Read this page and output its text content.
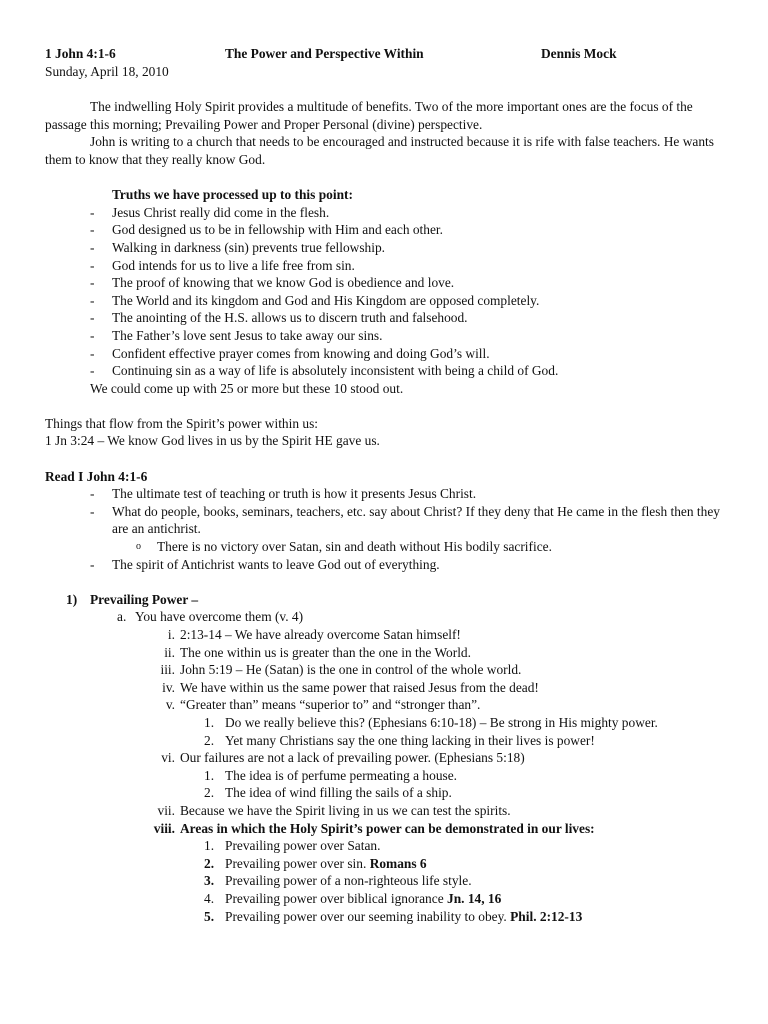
1 John 4:1-6	The Power and Perspective Within	Dennis Mock
Sunday, April 18, 2010
The indwelling Holy Spirit provides a multitude of benefits. Two of the more important ones are the focus of the passage this morning; Prevailing Power and Proper Personal (divine) perspective.
John is writing to a church that needs to be encouraged and instructed because it is rife with false teachers. He wants them to know that they really know God.
Truths we have processed up to this point:
- Jesus Christ really did come in the flesh.
- God designed us to be in fellowship with Him and each other.
- Walking in darkness (sin) prevents true fellowship.
- God intends for us to live a life free from sin.
- The proof of knowing that we know God is obedience and love.
- The World and its kingdom and God and His Kingdom are opposed completely.
- The anointing of the H.S. allows us to discern truth and falsehood.
- The Father’s love sent Jesus to take away our sins.
- Confident effective prayer comes from knowing and doing God’s will.
- Continuing sin as a way of life is absolutely inconsistent with being a child of God.
We could come up with 25 or more but these 10 stood out.
Things that flow from the Spirit’s power within us:
1 Jn 3:24 – We know God lives in us by the Spirit HE gave us.
Read I John 4:1-6
- The ultimate test of teaching or truth is how it presents Jesus Christ.
- What do people, books, seminars, teachers, etc. say about Christ? If they deny that He came in the flesh then they are an antichrist.
o There is no victory over Satan, sin and death without His bodily sacrifice.
- The spirit of Antichrist wants to leave God out of everything.
1) Prevailing Power –
a. You have overcome them (v. 4)
i. 2:13-14 – We have already overcome Satan himself!
ii. The one within us is greater than the one in the World.
iii. John 5:19 – He (Satan) is the one in control of the whole world.
iv. We have within us the same power that raised Jesus from the dead!
v. “Greater than” means “superior to” and “stronger than”.
1. Do we really believe this? (Ephesians 6:10-18) – Be strong in His mighty power.
2. Yet many Christians say the one thing lacking in their lives is power!
vi. Our failures are not a lack of prevailing power. (Ephesians 5:18)
1. The idea is of perfume permeating a house.
2. The idea of wind filling the sails of a ship.
vii. Because we have the Spirit living in us we can test the spirits.
viii. Areas in which the Holy Spirit’s power can be demonstrated in our lives:
1. Prevailing power over Satan.
2. Prevailing power over sin. Romans 6
3. Prevailing power of a non-righteous life style.
4. Prevailing power over biblical ignorance Jn. 14, 16
5. Prevailing power over our seeming inability to obey. Phil. 2:12-13
